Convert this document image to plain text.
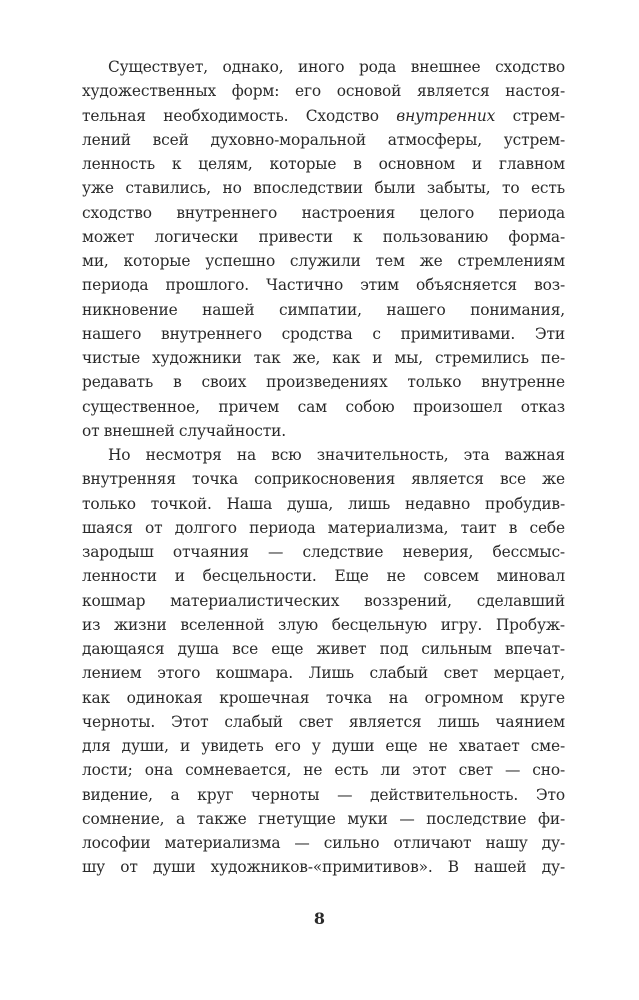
Существует, однако, иного рода внешнее сходство
художественных форм: его основой является настоя-
тельная необходимость. Сходство внутренних стрем-
лений всей духовно-моральной атмосферы, устрем-
ленность к целям, которые в основном и главном
уже ставились, но впоследствии были забыты, то есть
сходство внутреннего настроения целого периода
может логически привести к пользованию форма-
ми, которые успешно служили тем же стремлениям
периода прошлого. Частично этим объясняется воз-
никновение нашей симпатии, нашего понимания,
нашего внутреннего сродства с примитивами. Эти
чистые художники так же, как и мы, стремились пе-
редавать в своих произведениях только внутренне
существенное, причем сам собою произошел отказ
от внешней случайности.
Но несмотря на всю значительность, эта важная
внутренняя точка соприкосновения является все же
только точкой. Наша душа, лишь недавно пробудив-
шаяся от долгого периода материализма, таит в себе
зародыш отчаяния — следствие неверия, бессмыс-
ленности и бесцельности. Еще не совсем миновал
кошмар материалистических воззрений, сделавший
из жизни вселенной злую бесцельную игру. Пробуж-
дающаяся душа все еще живет под сильным впечат-
лением этого кошмара. Лишь слабый свет мерцает,
как одинокая крошечная точка на огромном круге
черноты. Этот слабый свет является лишь чаянием
для души, и увидеть его у души еще не хватает сме-
лости; она сомневается, не есть ли этот свет — сно-
видение, а круг черноты — действительность. Это
сомнение, а также гнетущие муки — последствие фи-
лософии материализма — сильно отличают нашу ду-
шу от души художников-«примитивов». В нашей ду-
8
